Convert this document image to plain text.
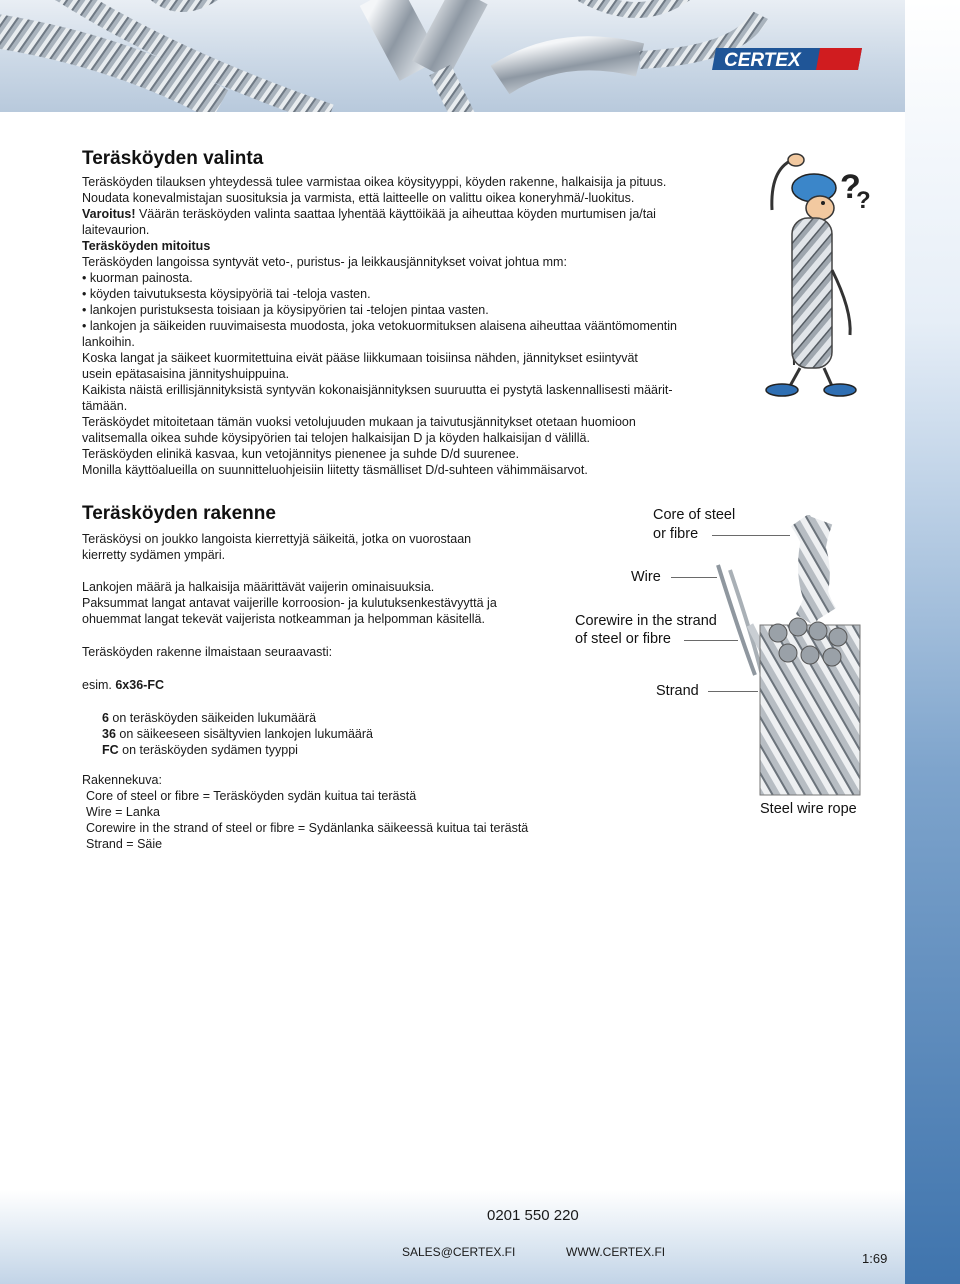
CERTEX
Teräsköyden valinta

Teräsköyden tilauksen yhteydessä tulee varmistaa oikea köysityyppi, köyden rakenne, halkaisija ja pituus.

Noudata konevalmistajan suosituksia ja varmista, että laitteelle on valittu oikea koneryhmä/-luokitus.

Varoitus! Väärän teräsköyden valinta saattaa lyhentää käyttöikää ja aiheuttaa köyden murtumisen ja/tai

laitevaurion.

Teräsköyden mitoitus

Teräsköyden langoissa syntyvät veto-, puristus- ja leikkausjännitykset voivat johtua mm:

• kuorman painosta.

• köyden taivutuksesta köysipyöriä tai -teloja vasten.

• lankojen puristuksesta toisiaan ja köysipyörien tai -telojen pintaa vasten.

• lankojen ja säikeiden ruuvimaisesta muodosta, joka vetokuormituksen alaisena aiheuttaa vääntömomentin

lankoihin.

Koska langat ja säikeet kuormitettuina eivät pääse liikkumaan toisiinsa nähden, jännitykset esiintyvät

usein epätasaisina jännityshuippuina.

Kaikista näistä erillisjännityksistä syntyvän kokonaisjännityksen suuruutta ei pystytä laskennallisesti määrit-

tämään.

Teräsköydet mitoitetaan tämän vuoksi vetolujuuden mukaan ja taivutusjännitykset otetaan huomioon

valitsemalla oikea suhde köysipyörien tai telojen halkaisijan D ja köyden halkaisijan d välillä.

Teräsköyden elinikä kasvaa, kun vetojännitys pienenee ja suhde D/d suurenee.

Monilla käyttöalueilla on suunnitteluohjeisiin liitetty täsmälliset D/d-suhteen vähimmäisarvot.

?
?
Teräsköyden rakenne

Teräsköysi on joukko langoista kierrettyjä säikeitä, jotka on vuorostaan

kierretty sydämen ympäri.

Lankojen määrä ja halkaisija määrittävät vaijerin ominaisuuksia.

Paksummat langat antavat vaijerille korroosion- ja kulutuksenkestävyyttä ja

ohuemmat langat tekevät vaijerista notkeamman ja helpomman käsitellä.

Teräsköyden rakenne ilmaistaan seuraavasti:

esim. 6x36-FC

6 on teräsköyden säikeiden lukumäärä

36 on säikeeseen sisältyvien lankojen lukumäärä

FC on teräsköyden sydämen tyyppi

Rakennekuva:

Core of steel or fibre = Teräsköyden sydän kuitua tai terästä

Wire = Lanka

Corewire in the strand of steel or fibre = Sydänlanka säikeessä kuitua tai terästä

Strand = Säie

Core of steel
or fibre
Wire
Corewire in the strand
of steel or fibre
Strand
Steel wire rope
0201 550 220
SALES@CERTEX.FI	WWW.CERTEX.FI	1:69
